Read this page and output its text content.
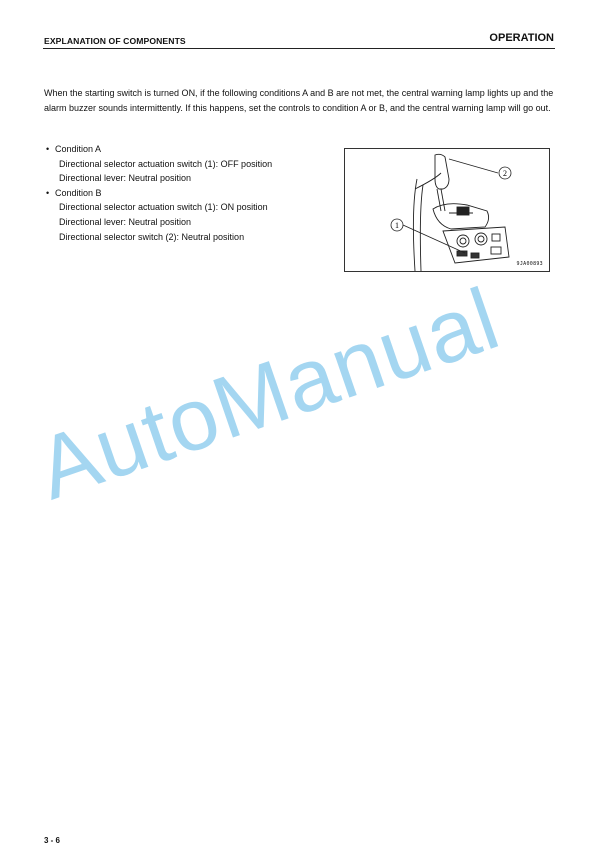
EXPLANATION OF COMPONENTS	OPERATION

When the starting switch is turned ON, if the following conditions A and B are not met, the central warning lamp lights up and the alarm buzzer sounds intermittently. If this happens, set the controls to condition A or B, and the central warning lamp will go out.

• Condition A
Directional selector actuation switch (1): OFF position
Directional lever: Neutral position
• Condition B
Directional selector actuation switch (1): ON position
Directional lever: Neutral position
Directional selector switch (2): Neutral position
2
1
9JA00893
AutoManual
3 - 6
